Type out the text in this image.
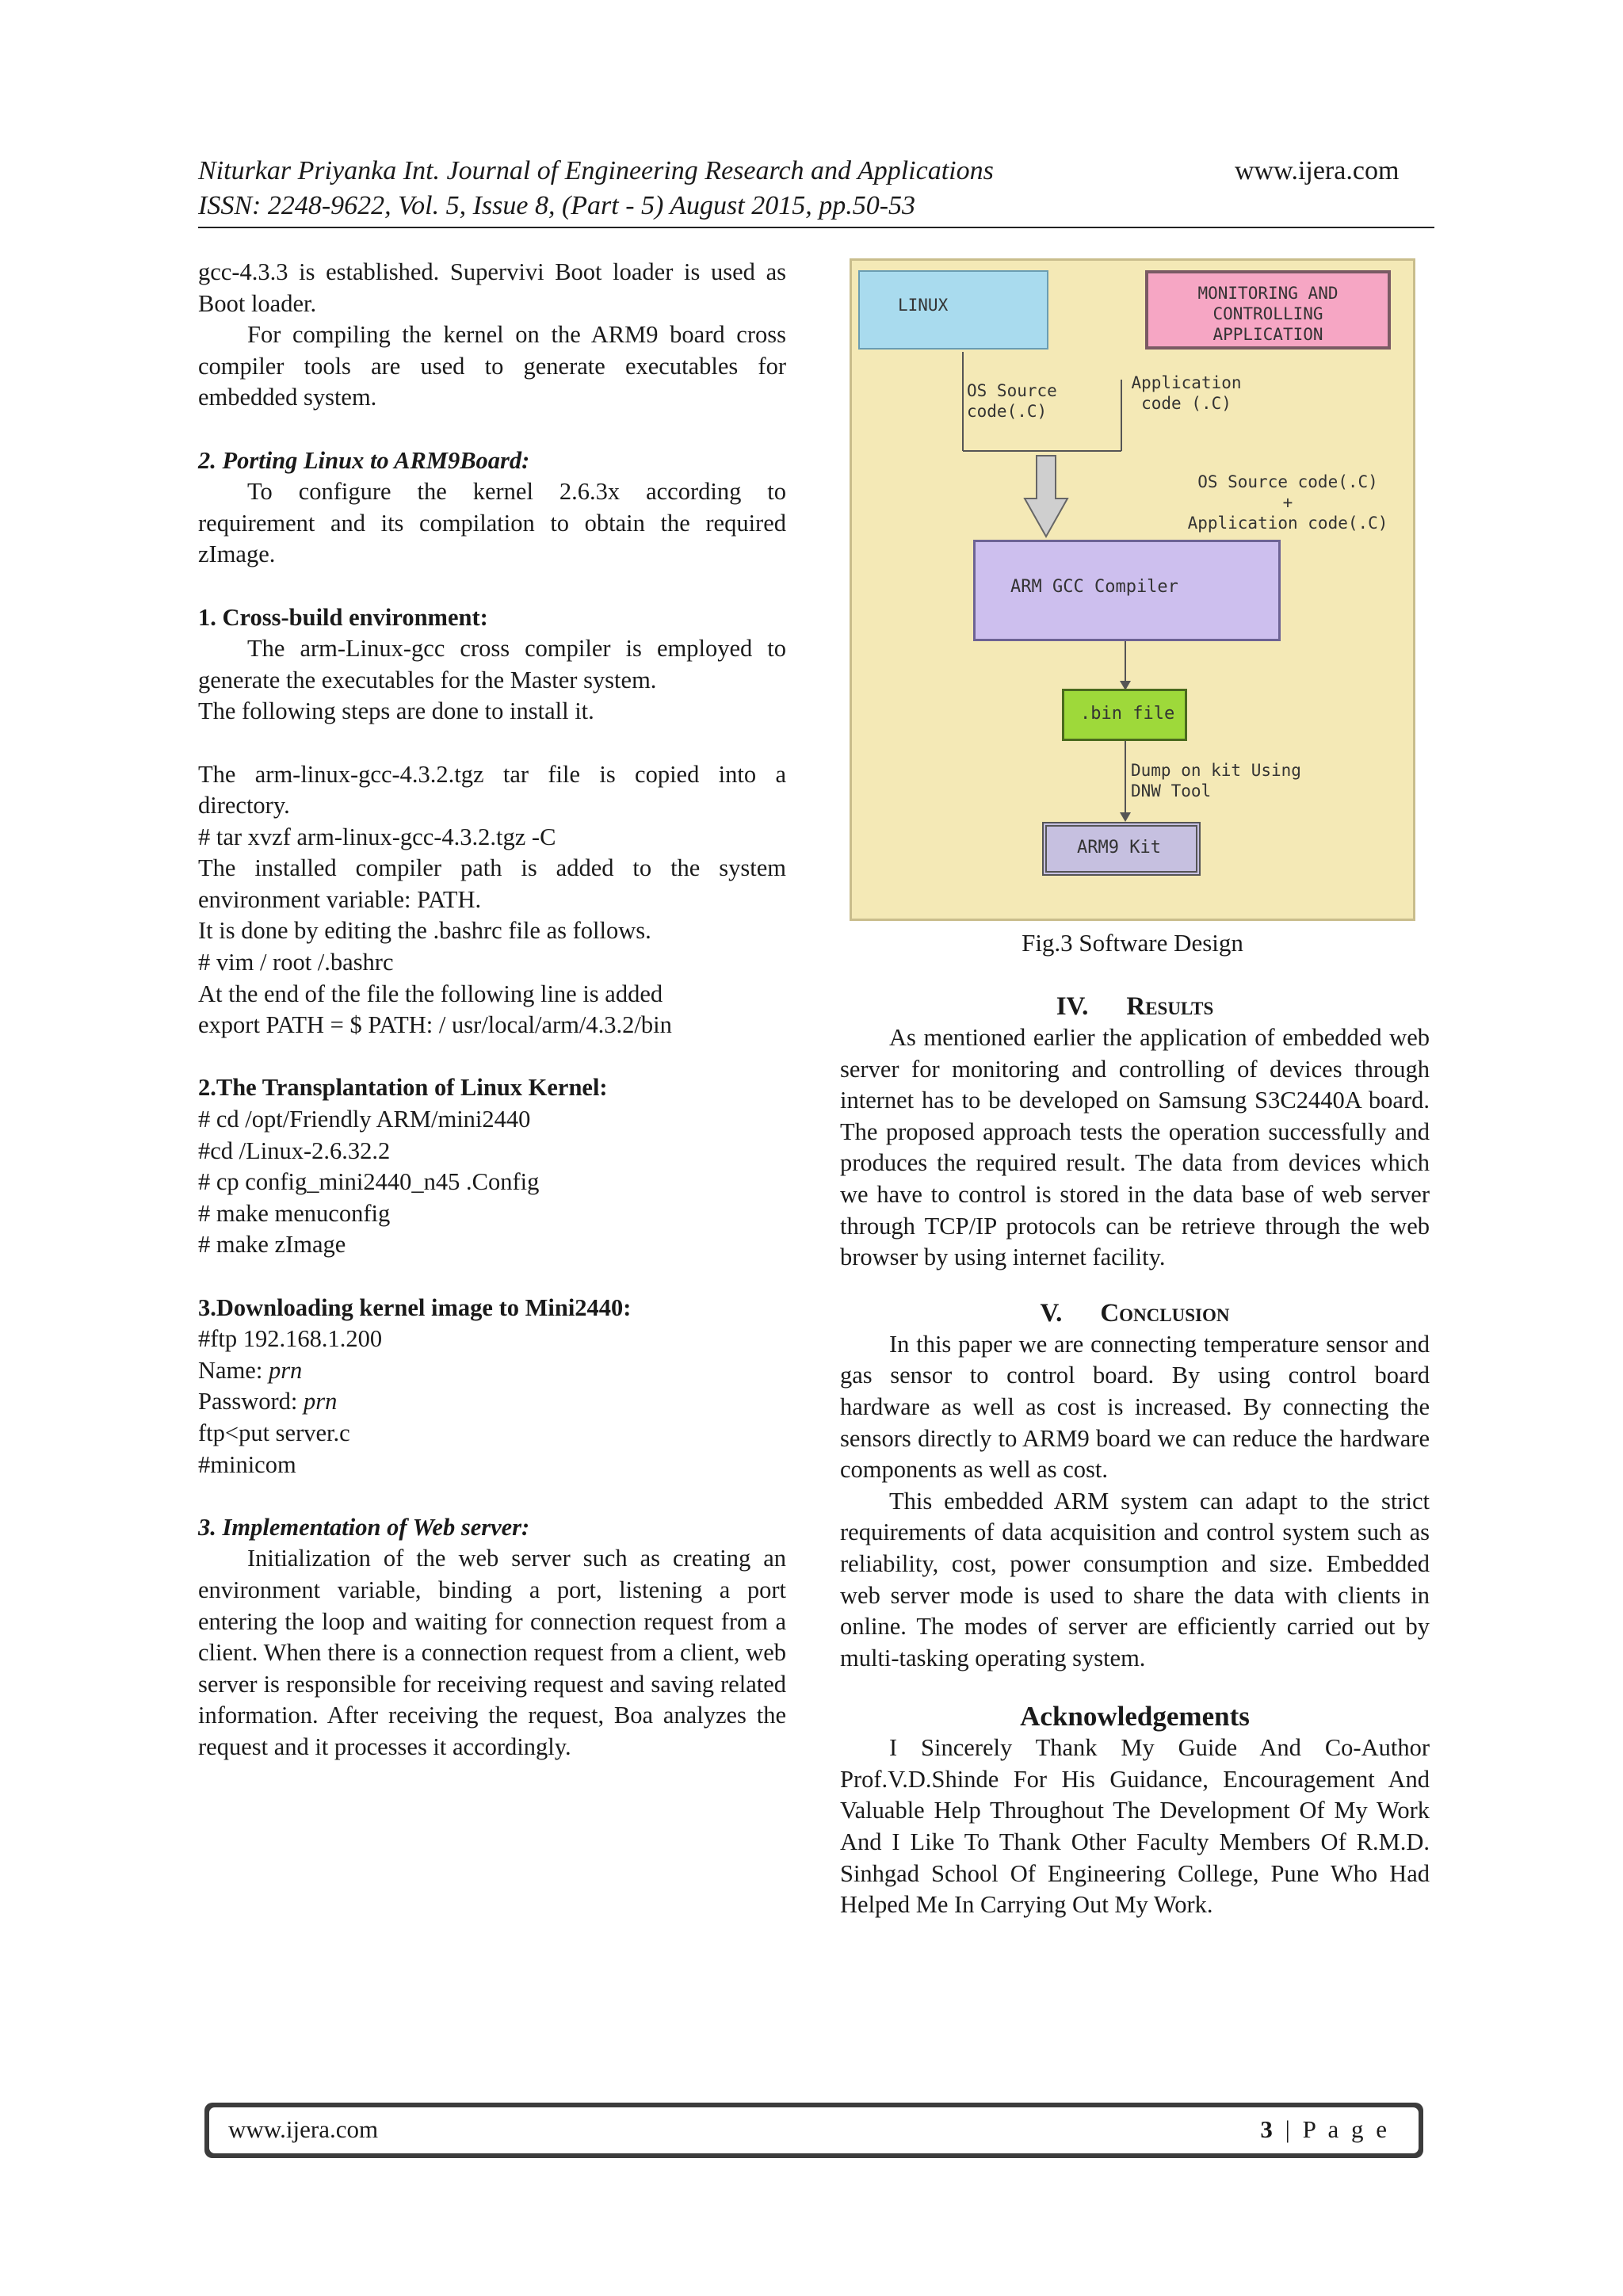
Niturkar Priyanka Int. Journal of Engineering Research and Applications	www.ijera.com
ISSN: 2248-9622, Vol. 5, Issue 8, (Part - 5) August 2015, pp.50-53

gcc-4.3.3 is established. Supervivi Boot loader is used as Boot loader.

For compiling the kernel on the ARM9 board cross compiler tools are used to generate executables for embedded system.

2. Porting Linux to ARM9Board:

To configure the kernel 2.6.3x according to requirement and its compilation to obtain the required zImage.

1. Cross-build environment:

The arm-Linux-gcc cross compiler is employed to generate the executables for the Master system.

The following steps are done to install it.

The arm-linux-gcc-4.3.2.tgz tar file is copied into a directory.

# tar xvzf arm-linux-gcc-4.3.2.tgz -C

The installed compiler path is added to the system environment variable: PATH.

It is done by editing the .bashrc file as follows.

# vim / root /.bashrc

At the end of the file the following line is added

export PATH = $ PATH: / usr/local/arm/4.3.2/bin

2.The Transplantation of Linux Kernel:

# cd /opt/Friendly ARM/mini2440

#cd /Linux-2.6.32.2

# cp config_mini2440_n45 .Config

# make menuconfig

# make zImage

3.Downloading kernel image to Mini2440:

#ftp 192.168.1.200

Name: prn

Password: prn

ftp<put server.c

#minicom

3. Implementation of Web server:

Initialization of the web server such as creating an environment variable, binding a port, listening a port entering the loop and waiting for connection request from a client. When there is a connection request from a client, web server is responsible for receiving request and saving related information. After receiving the request, Boa analyzes the request and it processes it accordingly.

LINUX
MONITORING AND
CONTROLLING
APPLICATION
OS Source
code(.C)
Application
code (.C)
OS Source code(.C)
+
Application code(.C)
ARM GCC Compiler
.bin file
Dump on kit Using
DNW Tool
ARM9 Kit
Fig.3 Software Design

IV. Results

As mentioned earlier the application of embedded web server for monitoring and controlling of devices through internet has to be developed on Samsung S3C2440A board. The proposed approach tests the operation successfully and produces the required result. The data from devices which we have to control is stored in the data base of web server through TCP/IP protocols can be retrieve through the web browser by using internet facility.

V. Conclusion

In this paper we are connecting temperature sensor and gas sensor to control board. By using control board hardware as well as cost is increased. By connecting the sensors directly to ARM9 board we can reduce the hardware components as well as cost.

This embedded ARM system can adapt to the strict requirements of data acquisition and control system such as reliability, cost, power consumption and size. Embedded web server mode is used to share the data with clients in online. The modes of server are efficiently carried out by multi-tasking operating system.

Acknowledgements

I Sincerely Thank My Guide And Co-Author Prof.V.D.Shinde For His Guidance, Encouragement And Valuable Help Throughout The Development Of My Work And I Like To Thank Other Faculty Members Of R.M.D. Sinhgad School Of Engineering College, Pune Who Had Helped Me In Carrying Out My Work.

www.ijera.com	3 | P a g e
